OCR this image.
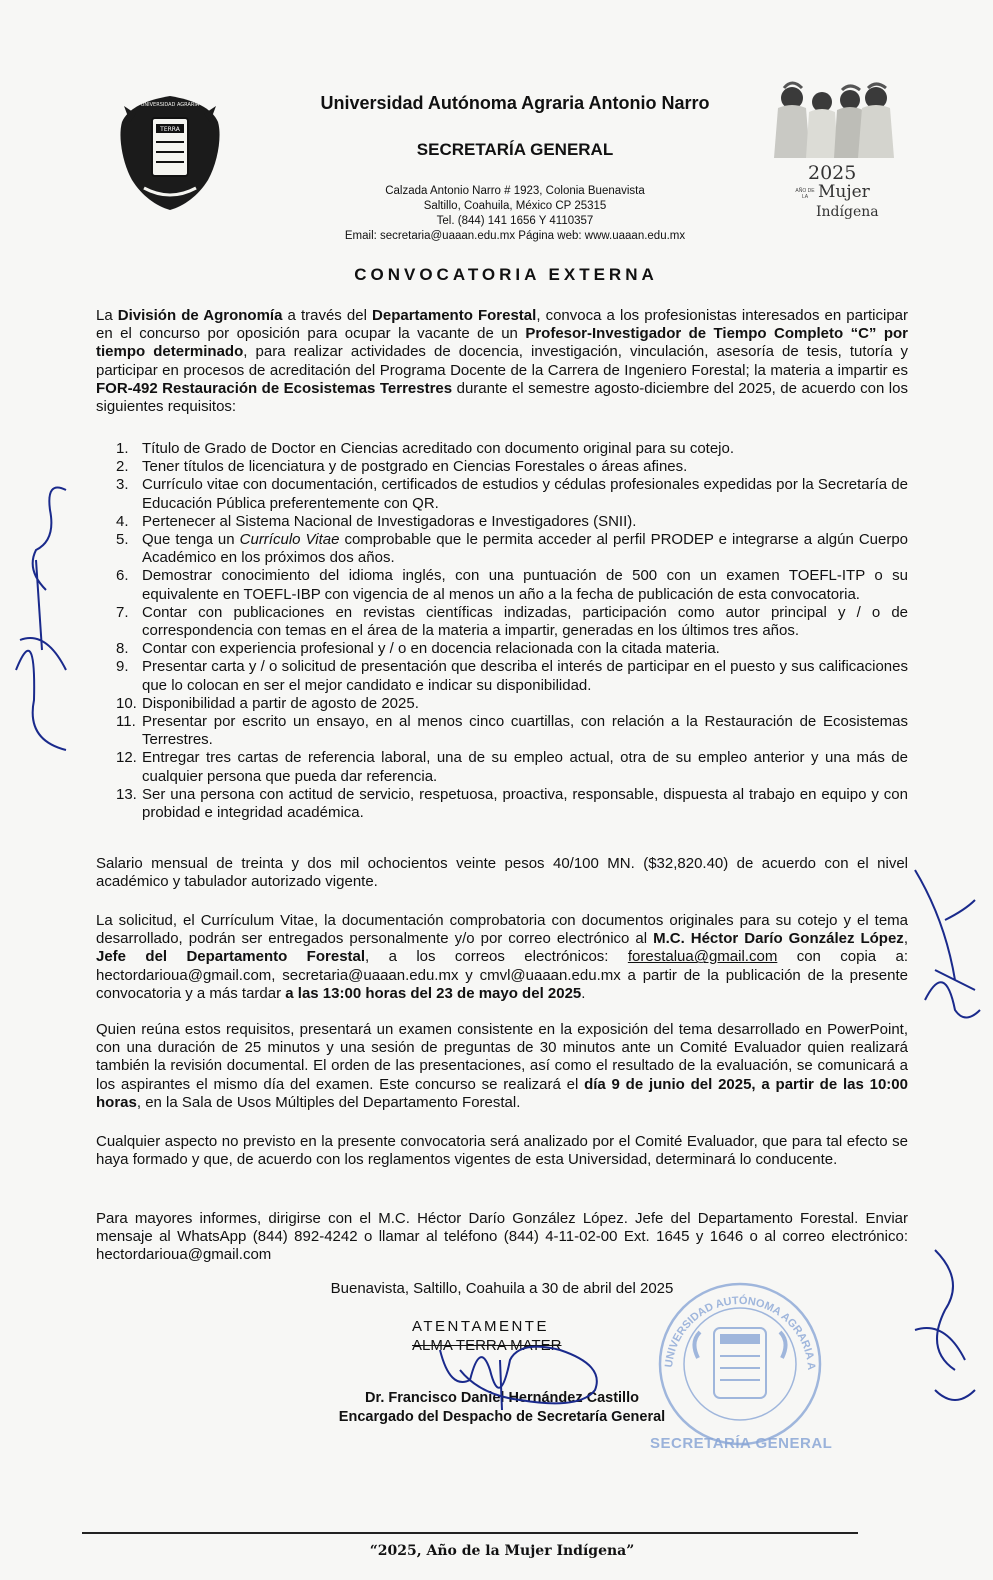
TERRA
UNIVERSIDAD AGRARIA
2025
AÑO DE LA Mujer
Indígena
Universidad Autónoma Agraria Antonio Narro
SECRETARÍA GENERAL
Calzada Antonio Narro # 1923, Colonia Buenavista
Saltillo, Coahuila, México CP 25315
Tel. (844) 141 1656 Y 4110357
Email: secretaria@uaaan.edu.mx Página web: www.uaaan.edu.mx
CONVOCATORIA EXTERNA
La División de Agronomía a través del Departamento Forestal, convoca a los profesionistas interesados en participar en el concurso por oposición para ocupar la vacante de un Profesor-Investigador de Tiempo Completo “C” por tiempo determinado, para realizar actividades de docencia, investigación, vinculación, asesoría de tesis, tutoría y participar en procesos de acreditación del Programa Docente de la Carrera de Ingeniero Forestal; la materia a impartir es FOR-492 Restauración de Ecosistemas Terrestres durante el semestre agosto-diciembre del 2025, de acuerdo con los siguientes requisitos:
1. Título de Grado de Doctor en Ciencias acreditado con documento original para su cotejo.
2. Tener títulos de licenciatura y de postgrado en Ciencias Forestales o áreas afines.
3. Currículo vitae con documentación, certificados de estudios y cédulas profesionales expedidas por la Secretaría de Educación Pública preferentemente con QR.
4. Pertenecer al Sistema Nacional de Investigadoras e Investigadores (SNII).
5. Que tenga un Currículo Vitae comprobable que le permita acceder al perfil PRODEP e integrarse a algún Cuerpo Académico en los próximos dos años.
6. Demostrar conocimiento del idioma inglés, con una puntuación de 500 con un examen TOEFL-ITP o su equivalente en TOEFL-IBP con vigencia de al menos un año a la fecha de publicación de esta convocatoria.
7. Contar con publicaciones en revistas científicas indizadas, participación como autor principal y / o de correspondencia con temas en el área de la materia a impartir, generadas en los últimos tres años.
8. Contar con experiencia profesional y / o en docencia relacionada con la citada materia.
9. Presentar carta y / o solicitud de presentación que describa el interés de participar en el puesto y sus calificaciones que lo colocan en ser el mejor candidato e indicar su disponibilidad.
10. Disponibilidad a partir de agosto de 2025.
11. Presentar por escrito un ensayo, en al menos cinco cuartillas, con relación a la Restauración de Ecosistemas Terrestres.
12. Entregar tres cartas de referencia laboral, una de su empleo actual, otra de su empleo anterior y una más de cualquier persona que pueda dar referencia.
13. Ser una persona con actitud de servicio, respetuosa, proactiva, responsable, dispuesta al trabajo en equipo y con probidad e integridad académica.
Salario mensual de treinta y dos mil ochocientos veinte pesos 40/100 MN. ($32,820.40) de acuerdo con el nivel académico y tabulador autorizado vigente.
La solicitud, el Currículum Vitae, la documentación comprobatoria con documentos originales para su cotejo y el tema desarrollado, podrán ser entregados personalmente y/o por correo electrónico al M.C. Héctor Darío González López, Jefe del Departamento Forestal, a los correos electrónicos: forestalua@gmail.com con copia a: hectordarioua@gmail.com, secretaria@uaaan.edu.mx y cmvl@uaaan.edu.mx a partir de la publicación de la presente convocatoria y a más tardar a las 13:00 horas del 23 de mayo del 2025.
Quien reúna estos requisitos, presentará un examen consistente en la exposición del tema desarrollado en PowerPoint, con una duración de 25 minutos y una sesión de preguntas de 30 minutos ante un Comité Evaluador quien realizará también la revisión documental. El orden de las presentaciones, así como el resultado de la evaluación, se comunicará a los aspirantes el mismo día del examen. Este concurso se realizará el día 9 de junio del 2025, a partir de las 10:00 horas, en la Sala de Usos Múltiples del Departamento Forestal.
Cualquier aspecto no previsto en la presente convocatoria será analizado por el Comité Evaluador, que para tal efecto se haya formado y que, de acuerdo con los reglamentos vigentes de esta Universidad, determinará lo conducente.
Para mayores informes, dirigirse con el M.C. Héctor Darío González López. Jefe del Departamento Forestal. Enviar mensaje al WhatsApp (844) 892-4242 o llamar al teléfono (844) 4-11-02-00 Ext. 1645 y 1646 o al correo electrónico: hectordarioua@gmail.com
Buenavista, Saltillo, Coahuila a 30 de abril del 2025
ATENTAMENTE
ALMA TERRA MATER
Dr. Francisco Daniel Hernández Castillo
Encargado del Despacho de Secretaría General
UNIVERSIDAD AUTÓNOMA AGRARIA ANTONIO NARRO
SECRETARÍA GENERAL
“2025, Año de la Mujer Indígena”
